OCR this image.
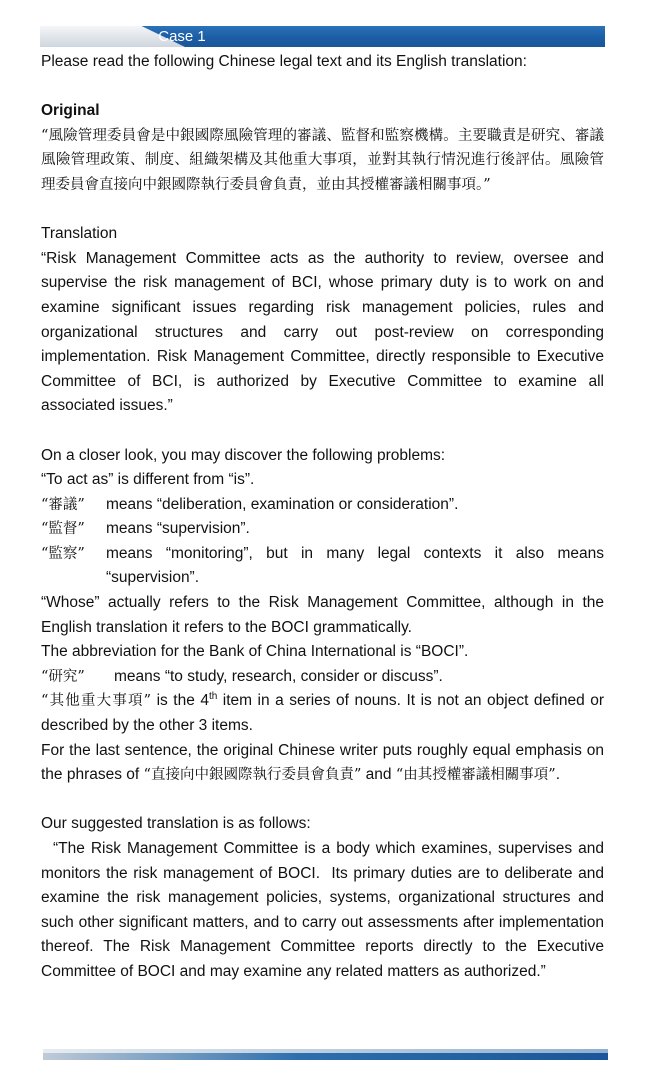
Case 1

Please read the following Chinese legal text and its English translation:

Original

“風險管理委員會是中銀國際風險管理的審議、監督和監察機構。主要職責是研究、審議風險管理政策、制度、組織架構及其他重大事項，並對其執行情況進行後評估。風險管理委員會直接向中銀國際執行委員會負責，並由其授權審議相關事項。”

Translation

“Risk Management Committee acts as the authority to review, oversee and supervise the risk management of BCI, whose primary duty is to work on and examine significant issues regarding risk management policies, rules and organizational structures and carry out post-review on corresponding implementation. Risk Management Committee, directly responsible to Executive Committee of BCI, is authorized by Executive Committee to examine all associated issues.”

On a closer look, you may discover the following problems:

“To act as” is different from “is”.

“審議”	means “deliberation, examination or consideration”.
“監督”	means “supervision”.
“監察”	means “monitoring”, but in many legal contexts it also means “supervision”.

“Whose” actually refers to the Risk Management Committee, although in the English translation it refers to the BOCI grammatically.

The abbreviation for the Bank of China International is “BOCI”.

“研究”	means “to study, research, consider or discuss”.

“其他重大事項” is the 4th item in a series of nouns. It is not an object defined or described by the other 3 items.

For the last sentence, the original Chinese writer puts roughly equal emphasis on the phrases of “直接向中銀國際執行委員會負責” and “由其授權審議相關事項”.

Our suggested translation is as follows:

“The Risk Management Committee is a body which examines, supervises and monitors the risk management of BOCI.  Its primary duties are to deliberate and examine the risk management policies, systems, organizational structures and such other significant matters, and to carry out assessments after implementation thereof. The Risk Management Committee reports directly to the Executive Committee of BOCI and may examine any related matters as authorized.”
